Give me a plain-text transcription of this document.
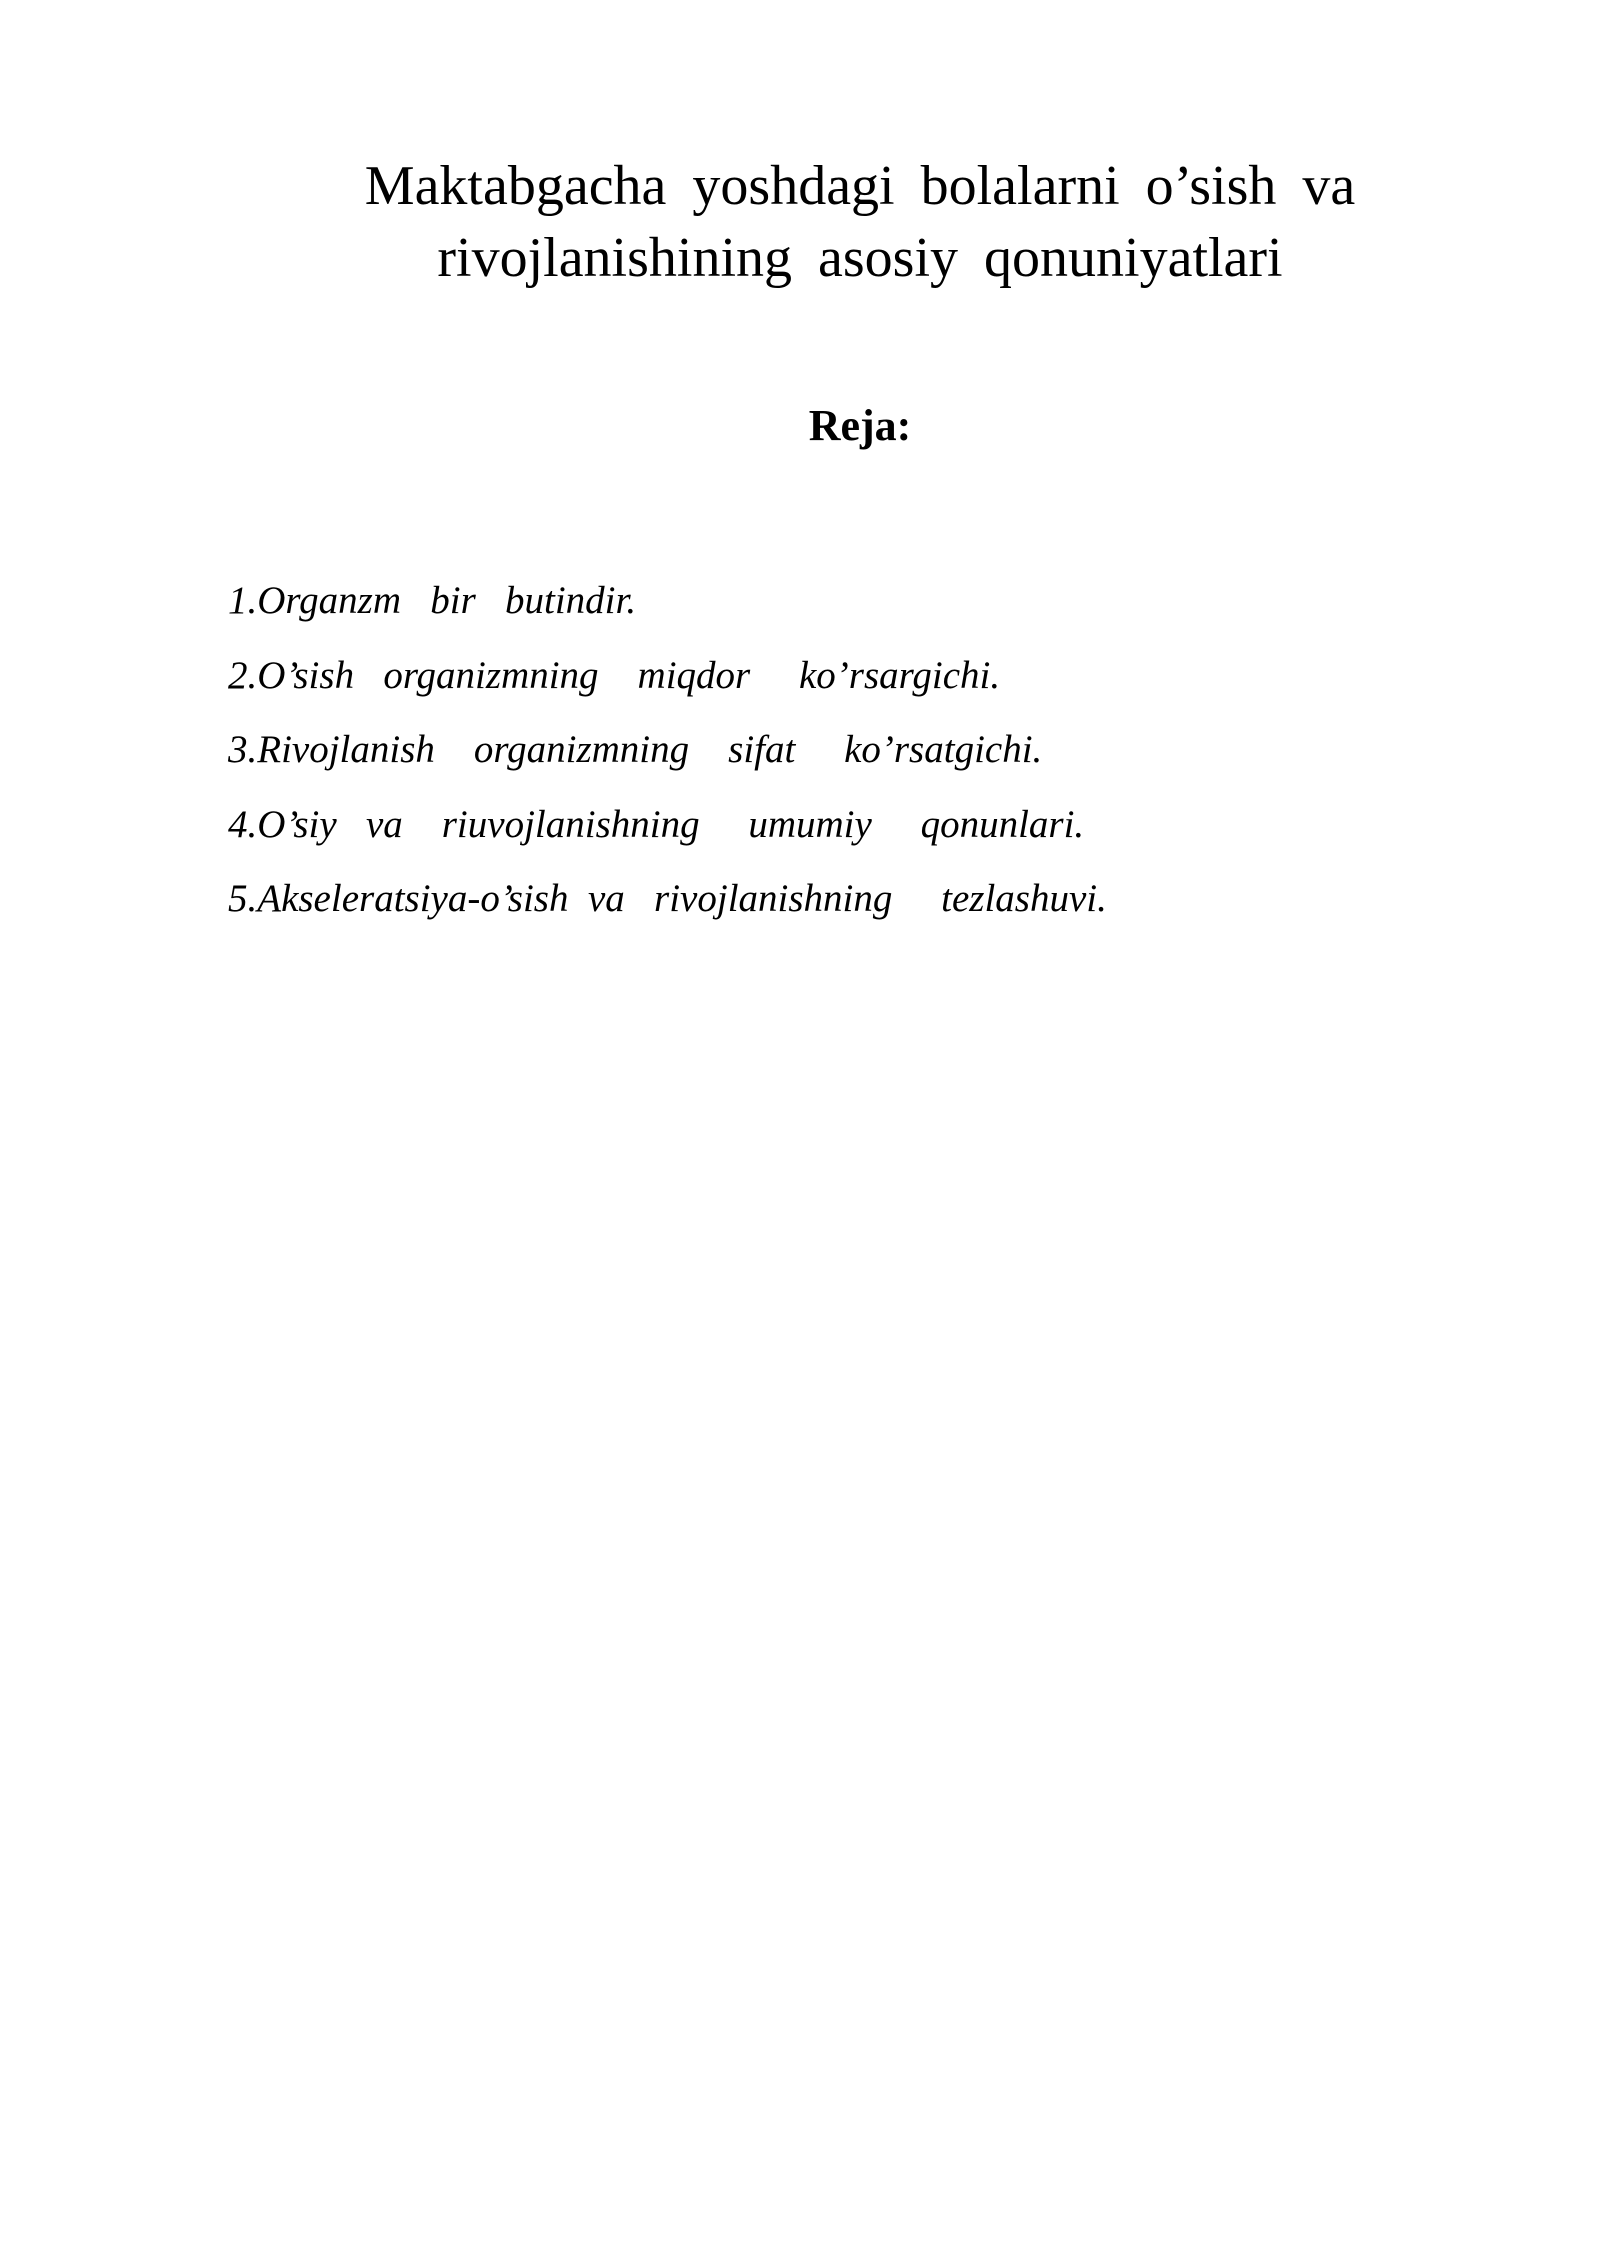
Maktabgacha yoshdagi bolalarni o’sish va
rivojlanishining asosiy qonuniyatlari
Reja:
1.Organzm   bir   butindir.
2.O’sish   organizmning    miqdor     ko’rsargichi.
3.Rivojlanish    organizmning    sifat     ko’rsatgichi.
4.O’siy   va    riuvojlanishning     umumiy     qonunlari.
5.Akseleratsiya-o’sish  va   rivojlanishning     tezlashuvi.
